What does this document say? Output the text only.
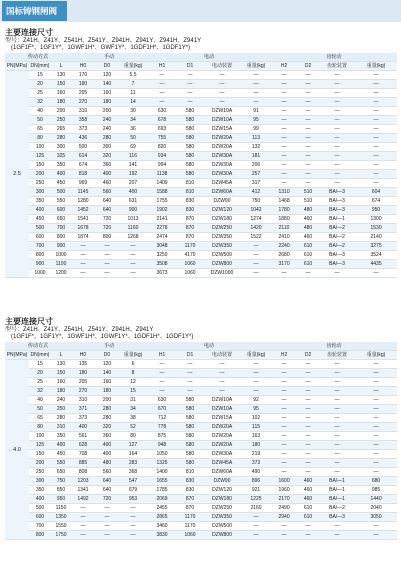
国标铸钢闸阀
主要连接尺寸
型号：Z41H、Z41Y、Z541H、Z541Y、Z941H、Z941Y、Z941H、Z941Y
(1GF1F*、1GF1Y*、1GWF1H*、GWF1Y*、1GDF1H*、1GDF1Y*)
传动方式			手动			电动				齿轮动			
PN(MPa)	DN(mm)	L	H0	D0	重量(kg)	H1	D1	电动装置	重量(kg)	H2	D2	齿轮装置	重量(kg)
2.5	15	130	170	120	5.5	—	—	—	—	—	—	—	—
	20	150	190	140	7	—	—	—	—	—	—	—	—
	25	160	205	160	11	—	—	—	—	—	—	—	—
	32	180	270	180	14	—	—	—	—	—	—	—	—
	40	200	310	200	30	630	580	DZW10A	91	—	—	—	—
	50	250	358	240	34	678	580	DZW10A	95	—	—	—	—
	65	265	373	240	36	693	580	DZW15A	99	—	—	—	—
	80	280	436	280	50	755	580	DZW20A	113	—	—	—	—
	100	300	500	300	69	820	580	DZW20A	132	—	—	—	—
	125	325	614	320	116	934	580	DZW30A	181	—	—	—	—
	150	350	674	360	141	994	580	DZW30A	206	—	—	—	—
	200	400	818	400	192	1138	580	DZW30A	257	—	—	—	—
	250	450	969	460	207	1409	810	DZW45A	317	—	—	—	—
	300	500	1145	560	400	1588	810	DZW60A	412	1310	510	BA/—3	604
	350	550	1280	640	631	1755	830	DZW90	750	1468	510	BA/—3	674
	400	600	1452	640	900	1902	830	DZW120	1042	1780	480	BA/—3	950
	450	650	1541	720	1013	2141	870	DZW180	1274	1880	460	BA/—1	1300
	500	700	1678	720	1160	2278	870	DZW250	1420	2110	480	BA/—2	1530
	600	800	1874	800	1268	2474	870	DZW350	1522	2410	460	BA/—2	2140
	700	900	—	—	—	3048	1170	DZW350	—	2240	610	BA/—2	3275
	800	1000	—	—	—	3250	4170	DZW500	—	2680	610	BA/—3	3524
	900	1100	—	—	—	3508	1060	DZW800	—	3170	610	BA/—3	4435
	1000	1200	—	—	—	3673	1060	DZW1000	—	—	—	—	—
主要连接尺寸
型号：Z41H、Z41Y、Z541H、Z541Y、Z941H、Z941Y
(1GF1F*、1GF1Y*、1GWF1H*、1GWF1Y*、1GDF1H*、1GDF1Y*)
传动方式			手动			电动				齿轮动			
PN(MPa)	DN(mm)	L	H0	D0	重量(kg)	H1	D1	电动装置	重量(kg)	H2	D2	齿轮装置	重量(kg)
4.0	15	130	135	120	6	—	—	—	—	—	—	—	—
	20	150	180	140	8	—	—	—	—	—	—	—	—
	25	160	205	160	12	—	—	—	—	—	—	—	—
	32	180	270	180	15	—	—	—	—	—	—	—	—
	40	240	310	200	31	630	580	DZW10A	92	—	—	—	—
	50	250	371	280	34	670	580	DZW10A	95	—	—	—	—
	65	280	373	280	38	712	580	DZW15A	102	—	—	—	—
	80	310	400	320	52	778	580	DZW20A	115	—	—	—	—
	100	350	561	360	80	875	580	DZW20A	163	—	—	—	—
	125	400	628	400	127	948	580	DZW20A	180	—	—	—	—
	150	450	708	400	164	1050	580	DZW30A	219	—	—	—	—
	200	550	885	480	283	1325	580	DZW45A	373	—	—	—	—
	250	650	808	560	368	1400	810	DZW60A	490	—	—	—	—
	300	750	1203	640	547	1655	830	DZW90	896	1600	460	BA/—1	680
	350	850	1341	640	679	1785	830	DZW120	921	1960	460	BA/—1	985
	400	950	1492	720	953	2069	870	DZW180	1225	2170	460	BA/—1	1440
	500	1150	—	—	—	2455	870	DZW250	2160	2490	610	BA/—2	2040
	600	1350	—	—	—	2865	1170	DZW350	—	2940	610	BA/—3	3050
	700	1550	—	—	—	3460	1170	DZW500	—	—	—	—	—
	800	1750	—	—	—	3830	1060	DZW800	—	—	—	—	—
